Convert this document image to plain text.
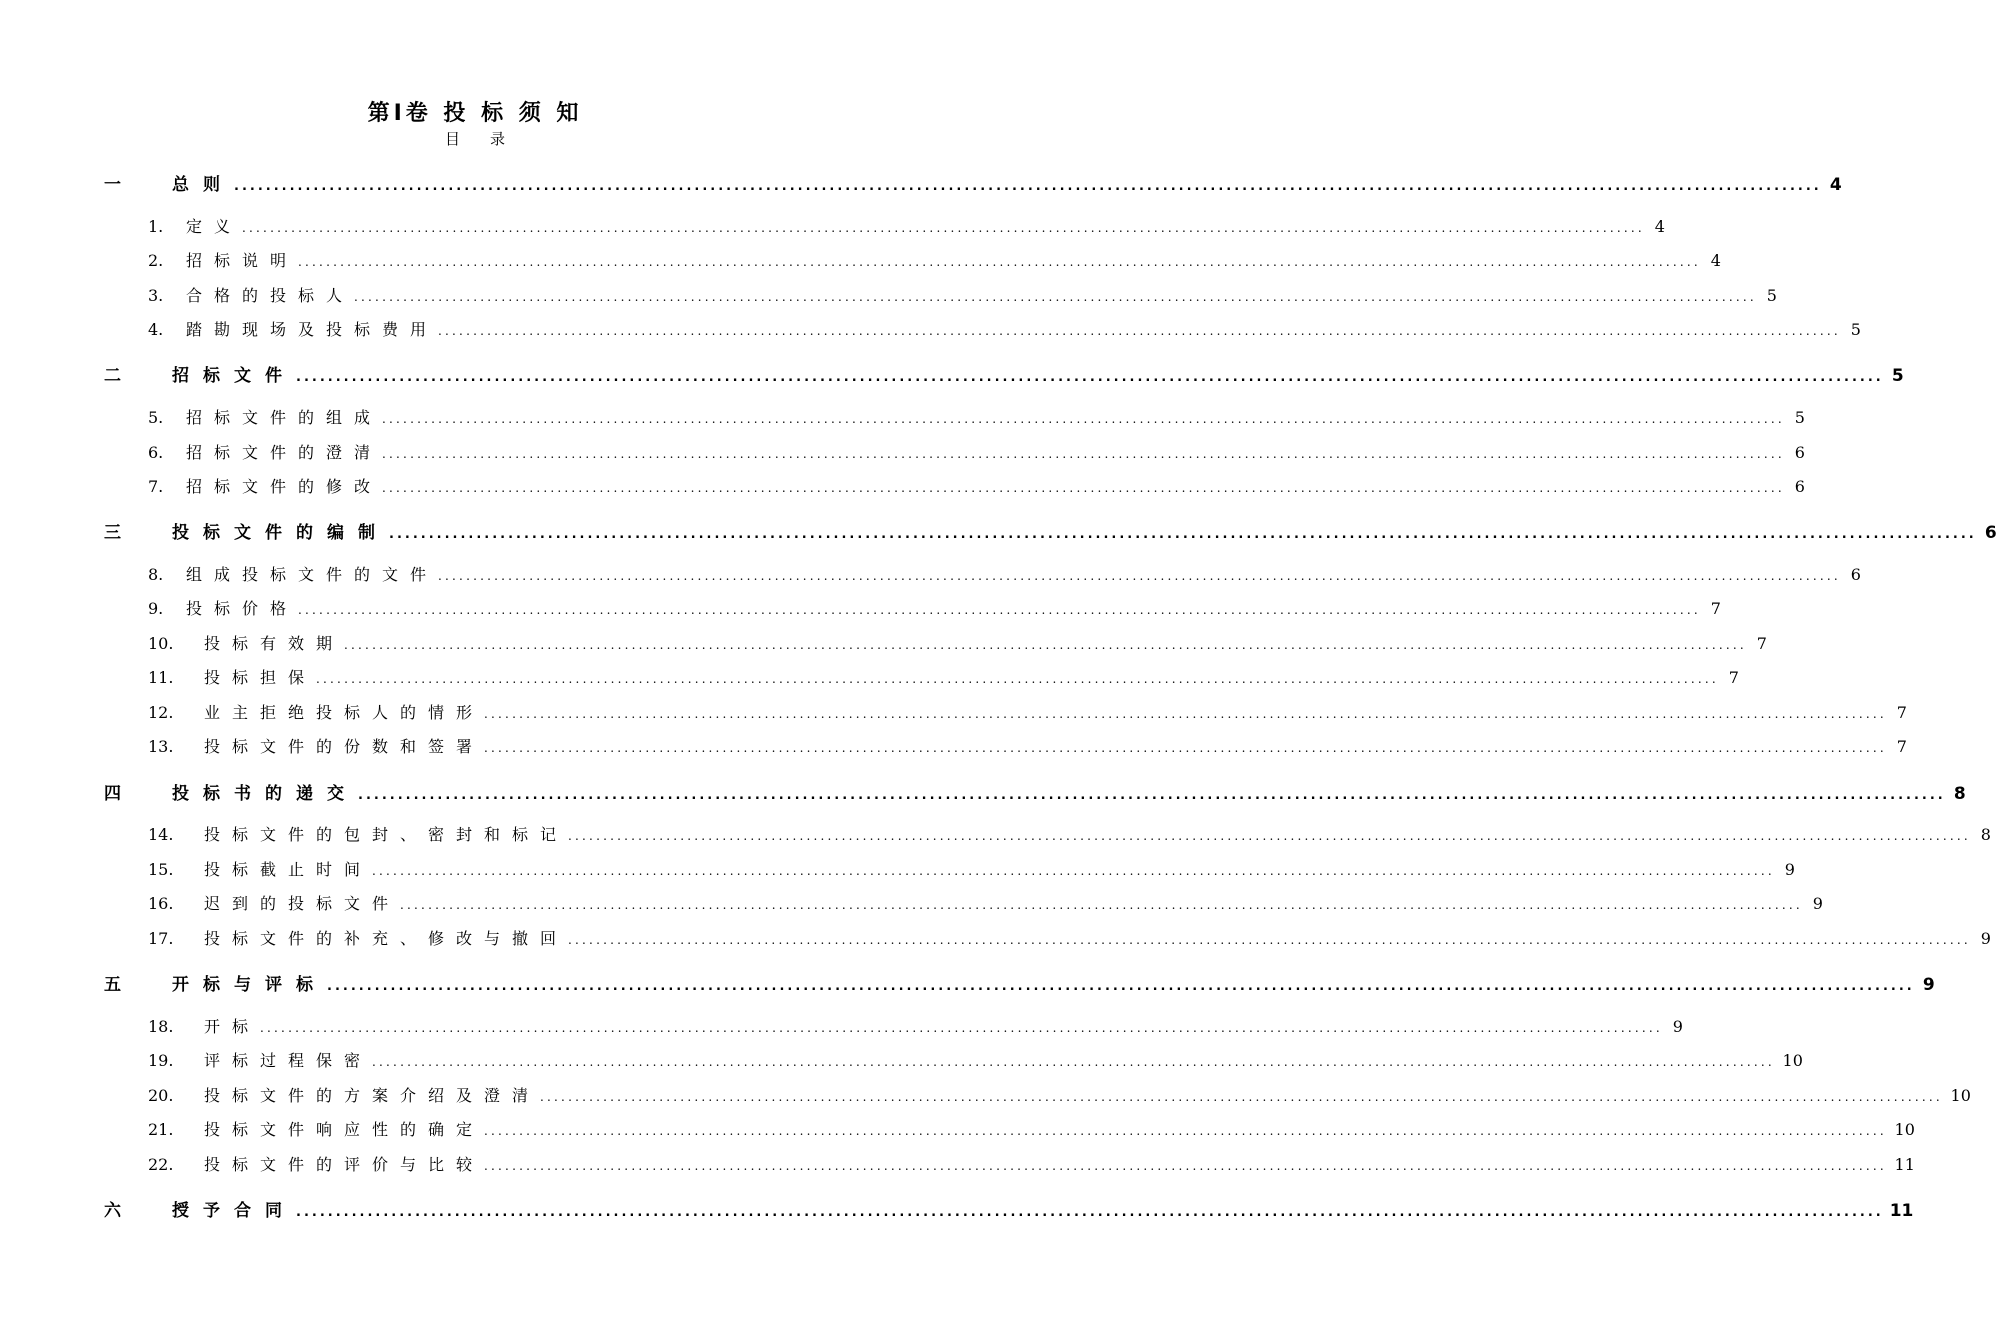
第Ⅰ卷 投 标 须 知
目录
一	总则 ........................................................................................................................................................................................................ 4
1.	定义 ........................................................................................................................................................................................................ 4
2.	招标说明 ........................................................................................................................................................................................................ 4
3.	合格的投标人 ........................................................................................................................................................................................................ 5
4.	踏勘现场及投标费用 ........................................................................................................................................................................................................ 5
二	招标文件 ........................................................................................................................................................................................................ 5
5.	招标文件的组成 ........................................................................................................................................................................................................ 5
6.	招标文件的澄清 ........................................................................................................................................................................................................ 6
7.	招标文件的修改 ........................................................................................................................................................................................................ 6
三	投标文件的编制 ........................................................................................................................................................................................................ 6
8.	组成投标文件的文件 ........................................................................................................................................................................................................ 6
9.	投标价格 ........................................................................................................................................................................................................ 7
10.	投标有效期 ........................................................................................................................................................................................................ 7
11.	投标担保 ........................................................................................................................................................................................................ 7
12.	业主拒绝投标人的情形 ........................................................................................................................................................................................................ 7
13.	投标文件的份数和签署 ........................................................................................................................................................................................................ 7
四	投标书的递交 ........................................................................................................................................................................................................ 8
14.	投标文件的包封、密封和标记 ........................................................................................................................................................................................................ 8
15.	投标截止时间 ........................................................................................................................................................................................................ 9
16.	迟到的投标文件 ........................................................................................................................................................................................................ 9
17.	投标文件的补充、修改与撤回 ........................................................................................................................................................................................................ 9
五	开标与评标 ........................................................................................................................................................................................................ 9
18.	开标 ........................................................................................................................................................................................................ 9
19.	评标过程保密 ........................................................................................................................................................................................................ 10
20.	投标文件的方案介绍及澄清 ........................................................................................................................................................................................................ 10
21.	投标文件响应性的确定 ........................................................................................................................................................................................................ 10
22.	投标文件的评价与比较 ........................................................................................................................................................................................................ 11
六	授予合同 ........................................................................................................................................................................................................ 11
